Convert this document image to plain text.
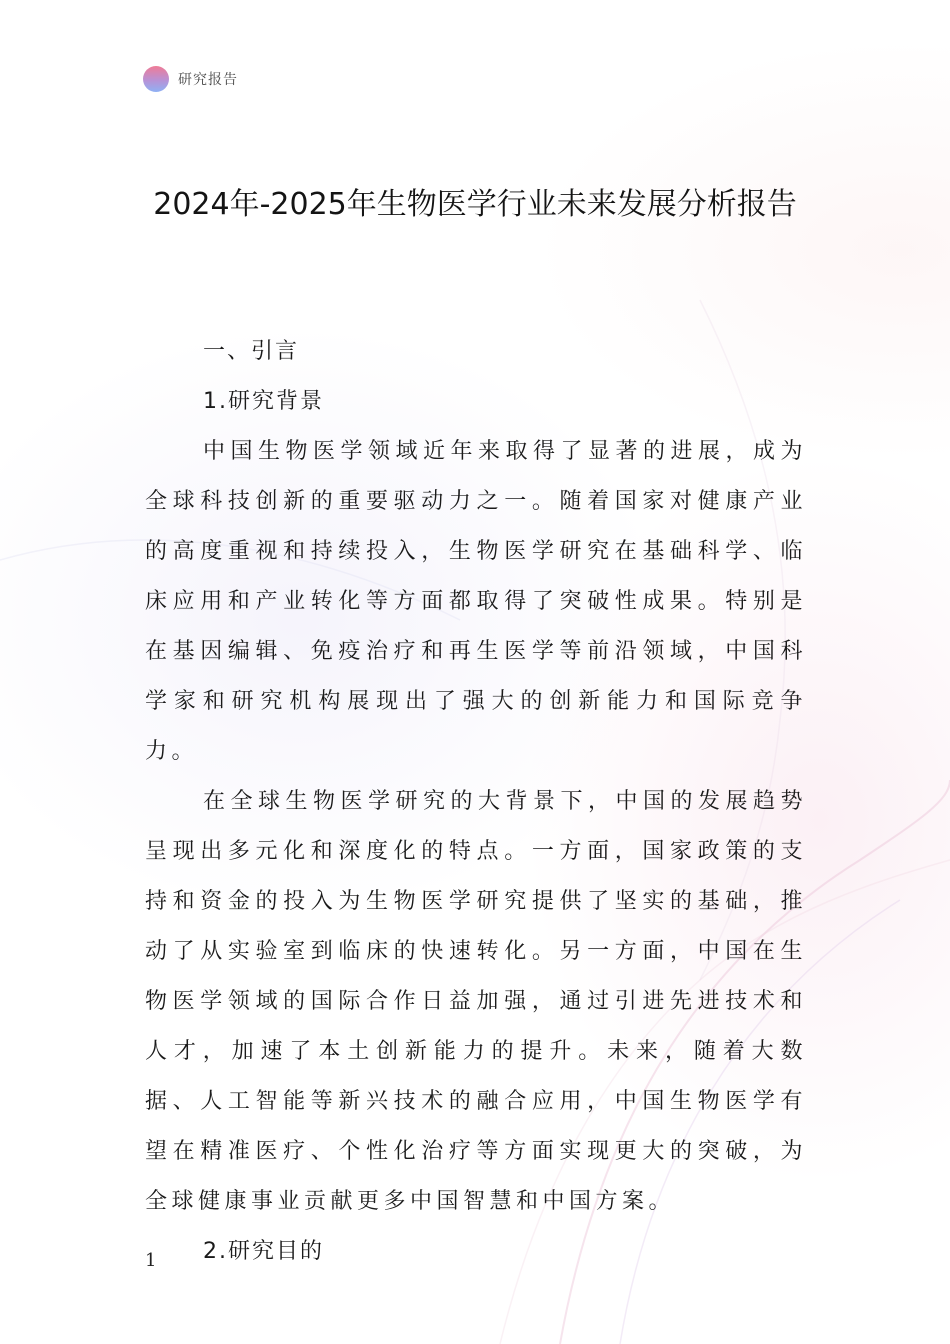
研究报告
2024年-2025年生物医学行业未来发展分析报告
一、引言
1.研究背景

中国生物医学领域近年来取得了显著的进展，成为全球科技创新的重要驱动力之一。随着国家对健康产业的高度重视和持续投入，生物医学研究在基础科学、临床应用和产业转化等方面都取得了突破性成果。特别是在基因编辑、免疫治疗和再生医学等前沿领域，中国科学家和研究机构展现出了强大的创新能力和国际竞争力。

在全球生物医学研究的大背景下，中国的发展趋势呈现出多元化和深度化的特点。一方面，国家政策的支持和资金的投入为生物医学研究提供了坚实的基础，推动了从实验室到临床的快速转化。另一方面，中国在生物医学领域的国际合作日益加强，通过引进先进技术和人才，加速了本土创新能力的提升。未来，随着大数据、人工智能等新兴技术的融合应用，中国生物医学有望在精准医疗、个性化治疗等方面实现更大的突破，为全球健康事业贡献更多中国智慧和中国方案。

2.研究目的
1
